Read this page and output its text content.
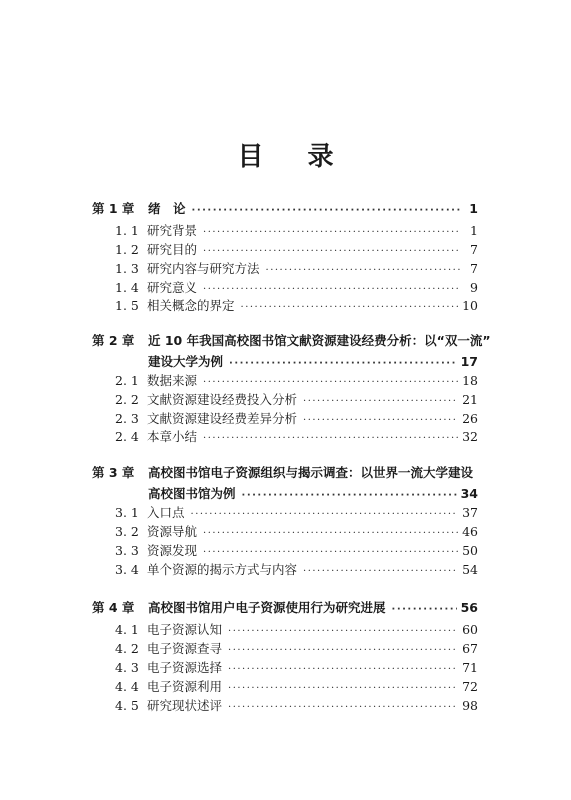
目 录
第 1 章	绪　论 ·····	1
1. 1 研究背景 ·····	1
1. 2 研究目的 ·····	7
1. 3 研究内容与研究方法 ·····	7
1. 4 研究意义 ·····	9
1. 5 相关概念的界定 ·····	10
第 2 章 近 10 年我国高校图书馆文献资源建设经费分析：以“双一流”
建设大学为例 ·····	17
2. 1 数据来源 ·····	18
2. 2 文献资源建设经费投入分析 ·····	21
2. 3 文献资源建设经费差异分析 ·····	26
2. 4 本章小结 ·····	32
第 3 章 高校图书馆电子资源组织与揭示调查：以世界一流大学建设
高校图书馆为例 ·····	34
3. 1 入口点 ·····	37
3. 2 资源导航 ·····	46
3. 3 资源发现 ·····	50
3. 4 单个资源的揭示方式与内容 ·····	54
第 4 章	高校图书馆用户电子资源使用行为研究进展 ·····	56
4. 1 电子资源认知 ·····	60
4. 2 电子资源查寻 ·····	67
4. 3 电子资源选择 ·····	71
4. 4 电子资源利用 ·····	72
4. 5 研究现状述评 ·····	98
